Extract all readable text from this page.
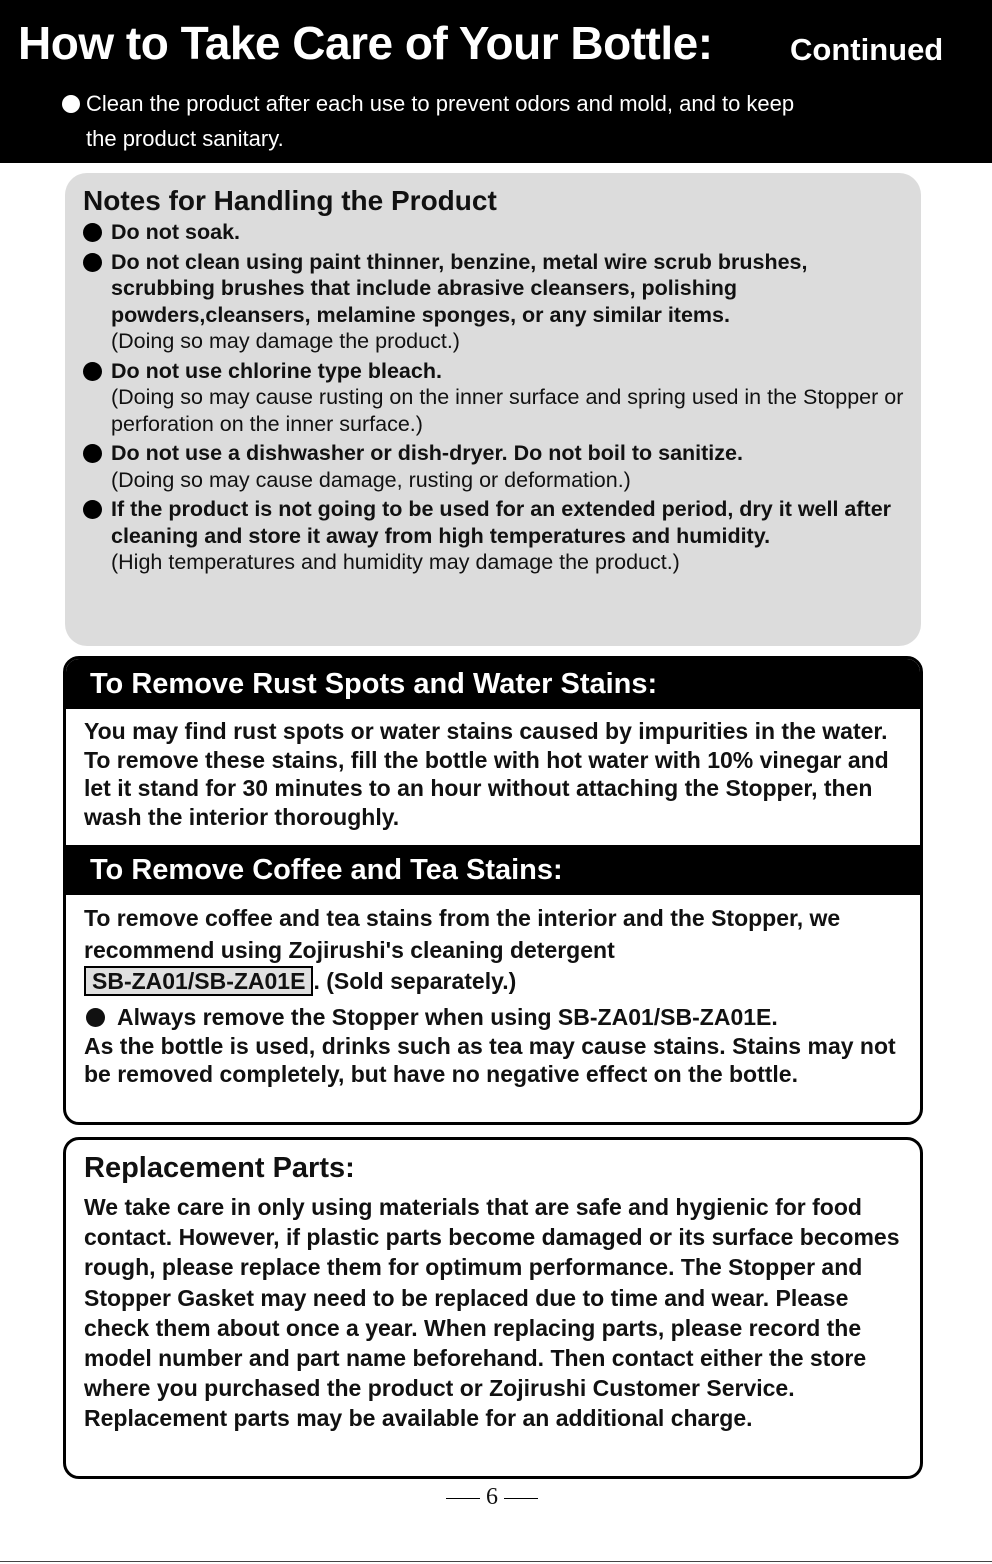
How to Take Care of Your Bottle: Continued
Clean the product after each use to prevent odors and mold, and to keep
the product sanitary.
Notes for Handling the Product
Do not soak.
Do not clean using paint thinner, benzine, metal wire scrub brushes, scrubbing brushes that include abrasive cleansers, polishing powders,cleansers, melamine sponges, or any similar items.
(Doing so may damage the product.)
Do not use chlorine type bleach.
(Doing so may cause rusting on the inner surface and spring used in the Stopper or perforation on the inner surface.)
Do not use a dishwasher or dish-dryer. Do not boil to sanitize.
(Doing so may cause damage, rusting or deformation.)
If the product is not going to be used for an extended period, dry it well after cleaning and store it away from high temperatures and humidity.
(High temperatures and humidity may damage the product.)
To Remove Rust Spots and Water Stains:
You may find rust spots or water stains caused by impurities in the water. To remove these stains, fill the bottle with hot water with 10% vinegar and let it stand for 30 minutes to an hour without attaching the Stopper, then wash the interior thoroughly.
To Remove Coffee and Tea Stains:
To remove coffee and tea stains from the interior and the Stopper, we recommend using Zojirushi's cleaning detergent
SB-ZA01/SB-ZA01E . (Sold separately.)
Always remove the Stopper when using SB-ZA01/SB-ZA01E.
As the bottle is used, drinks such as tea may cause stains. Stains may not be removed completely, but have no negative effect on the bottle.
Replacement Parts:
We take care in only using materials that are safe and hygienic for food contact. However, if plastic parts become damaged or its surface becomes rough, please replace them for optimum performance. The Stopper and Stopper Gasket may need to be replaced due to time and wear. Please check them about once a year. When replacing parts, please record the model number and part name beforehand. Then contact either the store where you purchased the product or Zojirushi Customer Service. Replacement parts may be available for an additional charge.
6
